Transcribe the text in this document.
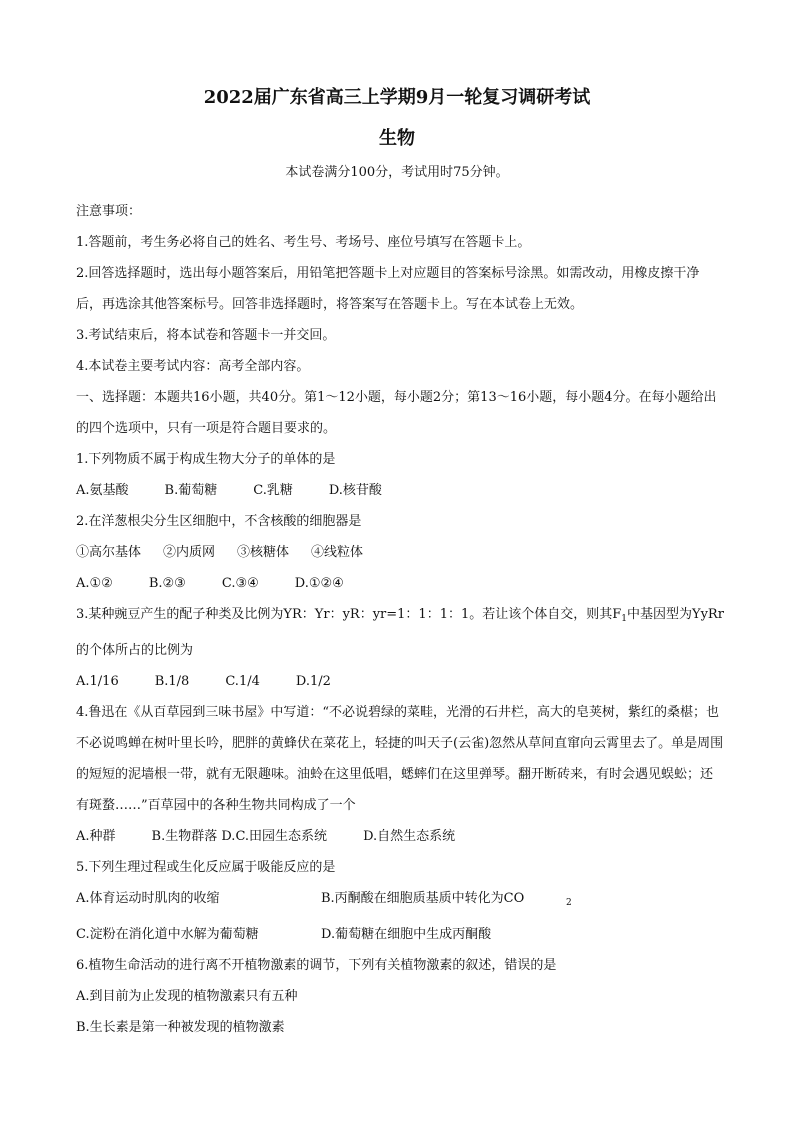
2022届广东省高三上学期9月一轮复习调研考试
生物
本试卷满分100分，考试用时75分钟。

注意事项：

1.答题前，考生务必将自己的姓名、考生号、考场号、座位号填写在答题卡上。

2.回答选择题时，选出每小题答案后，用铅笔把答题卡上对应题目的答案标号涂黑。如需改动，用橡皮擦干净后，再选涂其他答案标号。回答非选择题时，将答案写在答题卡上。写在本试卷上无效。

3.考试结束后，将本试卷和答题卡一并交回。

4.本试卷主要考试内容：高考全部内容。

一、选择题：本题共16小题，共40分。第1～12小题，每小题2分；第13～16小题，每小题4分。在每小题给出的四个选项中，只有一项是符合题目要求的。

1.下列物质不属于构成生物大分子的单体的是

A.氨基酸	B.葡萄糖	C.乳糖	D.核苷酸

2.在洋葱根尖分生区细胞中，不含核酸的细胞器是

①高尔基体 ②内质网 ③核糖体 ④线粒体
A.①②	B.②③	C.③④	D.①②④

3.某种豌豆产生的配子种类及比例为YR：Yr：yR：yr=1：1：1：1。若让该个体自交，则其$F_1$中基因型为YyRr的个体所占的比例为

A.1/16	B.1/8	C.1/4	D.1/2

4.鲁迅在《从百草园到三味书屋》中写道：“不必说碧绿的菜畦，光滑的石井栏，高大的皂荚树，紫红的桑椹；也不必说鸣蝉在树叶里长吟，肥胖的黄蜂伏在菜花上，轻捷的叫天子(云雀)忽然从草间直窜向云霄里去了。单是周围的短短的泥墙根一带，就有无限趣味。油蛉在这里低唱，蟋蟀们在这里弹琴。翻开断砖来，有时会遇见蜈蚣；还有斑蝥……”百草园中的各种生物共同构成了一个

A.种群	B.生物群落 D.C.田园生态系统	D.自然生态系统

5.下列生理过程或生化反应属于吸能反应的是

A.体育运动时肌肉的收缩	B.丙酮酸在细胞质基质中转化为CO	$_2$
C.淀粉在消化道中水解为葡萄糖	D.葡萄糖在细胞中生成丙酮酸

6.植物生命活动的进行离不开植物激素的调节，下列有关植物激素的叙述，错误的是

A.到目前为止发现的植物激素只有五种

B.生长素是第一种被发现的植物激素
